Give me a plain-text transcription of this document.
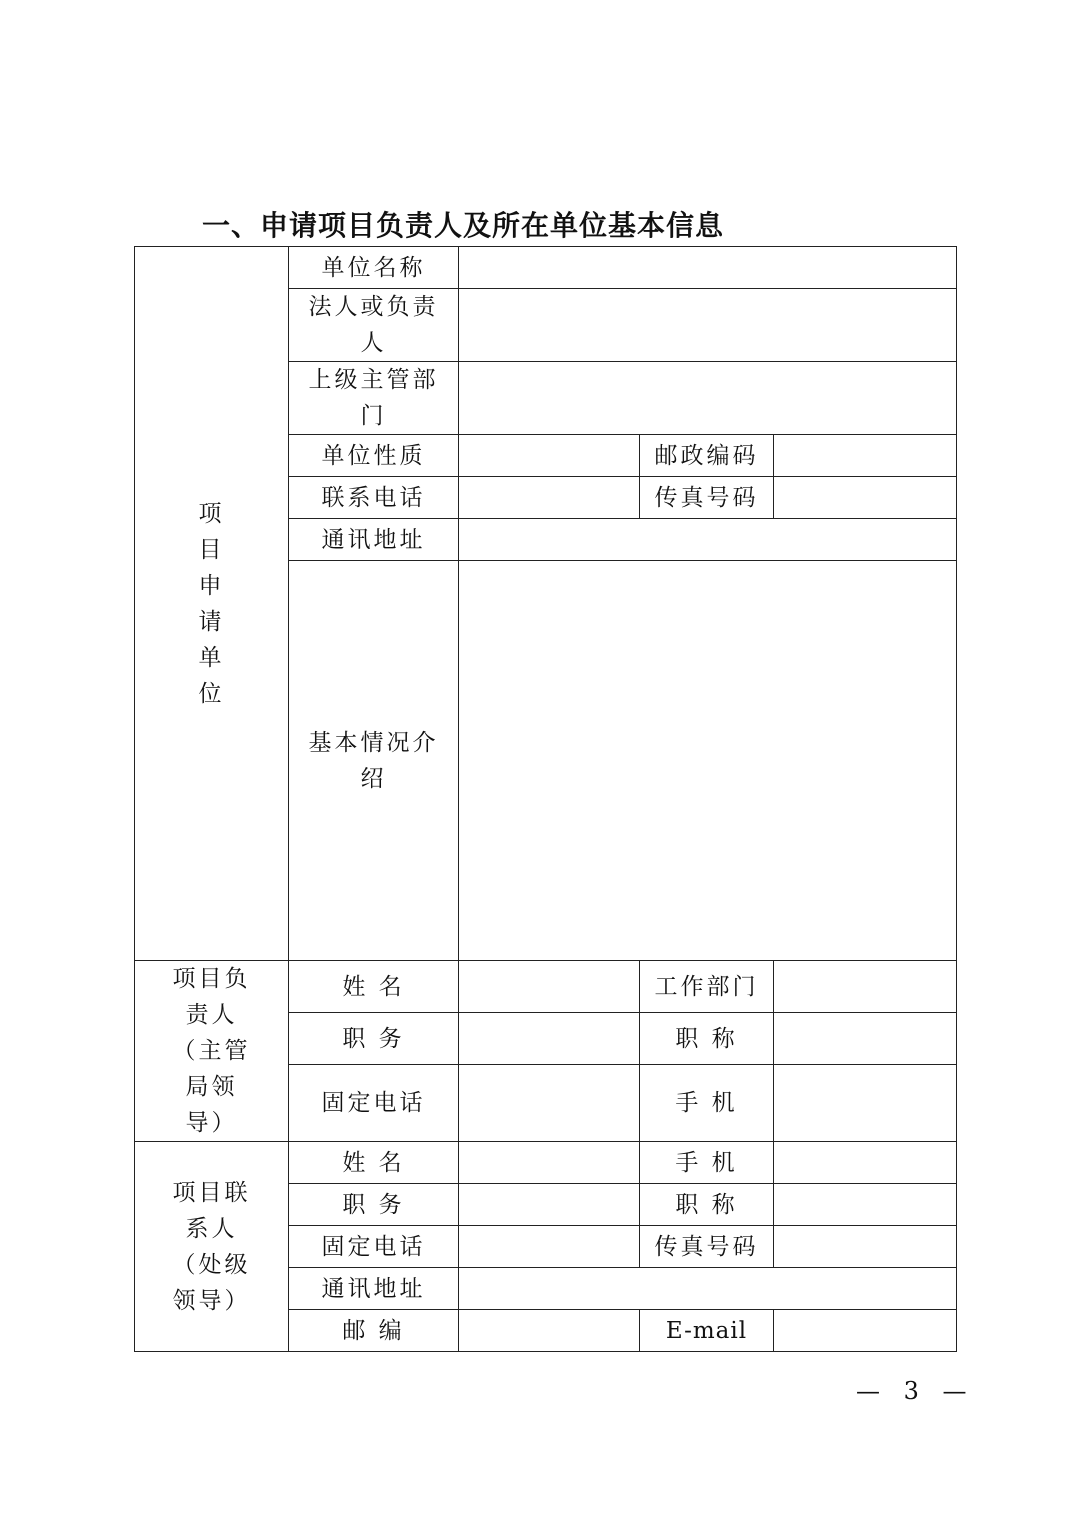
一、申请项目负责人及所在单位基本信息
项目申请单位	单位名称			
	法人或负责人			
	上级主管部门			
	单位性质		邮政编码	
	联系电话		传真号码	
	通讯地址			
	基本情况介绍			

项目负责人（主管局领导）	姓 名		工作部门	
	职 务		职 称	
	固定电话		手 机	

项目联系人（处级领导）	姓 名		手 机	
	职 务		职 称	
	固定电话		传真号码	
	通讯地址			
	邮 编		E-mail	

— 3 —
